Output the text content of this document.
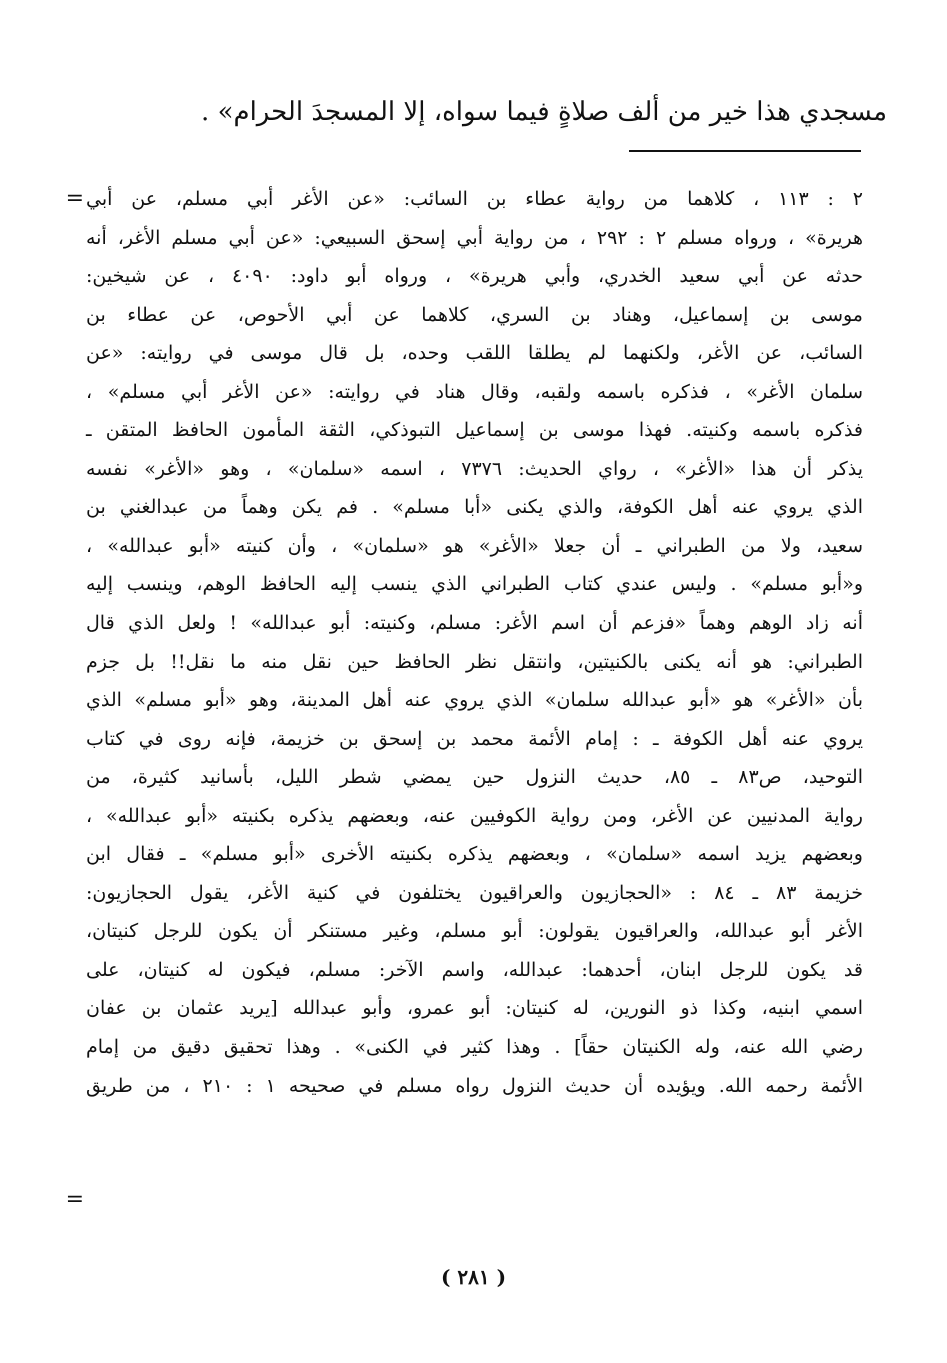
مسجدي هذا خير من ألف صلاةٍ فيما سواه، إلا المسجدَ الحرام» .
= ٢ : ١١٣ ، كلاهما من رواية عطاء بن السائب: «عن الأغر أبي مسلم، عن أبي
هريرة» ، ورواه مسلم ٢ : ٢٩٢ ، من رواية أبي إسحق السبيعي: «عن أبي مسلم الأغر، أنه
حدثه عن أبي سعيد الخدري، وأبي هريرة» ، ورواه أبو داود: ٤٠٩٠ ، عن شيخين:
موسى بن إسماعيل، وهناد بن السري، كلاهما عن أبي الأحوص، عن عطاء بن
السائب، عن الأغر، ولكنهما لم يطلقا اللقب وحده، بل قال موسى في روايته: «عن
سلمان الأغر» ، فذكره باسمه ولقبه، وقال هناد في روايته: «عن الأغر أبي مسلم» ،
فذكره باسمه وكنيته. فهذا موسى بن إسماعيل التبوذكي، الثقة المأمون الحافظ المتقن ـ
يذكر أن هذا «الأغر» ، رواي الحديث: ٧٣٧٦ ، اسمه «سلمان» ، وهو «الأغر» نفسه
الذي يروي عنه أهل الكوفة، والذي يكنى «أبا مسلم» . فم يكن وهماً من عبدالغني بن
سعيد، ولا من الطبراني ـ أن جعلا «الأغر» هو «سلمان» ، وأن كنيته «أبو عبدالله» ،
و«أبو مسلم» . وليس عندي كتاب الطبراني الذي ينسب إليه الحافظ الوهم، وينسب إليه
أنه زاد الوهم وهماً «فزعم أن اسم الأغر: مسلم، وكنيته: أبو عبدالله» ! ولعل الذي قال
الطبراني: هو أنه يكنى بالكنيتين، وانتقل نظر الحافظ حين نقل منه ما نقل!! بل جزم
بأن «الأغر» هو «أبو عبدالله سلمان» الذي يروي عنه أهل المدينة، وهو «أبو مسلم» الذي
يروي عنه أهل الكوفة ـ : إمام الأئمة محمد بن إسحق بن خزيمة، فإنه روى في كتاب
التوحيد، ص٨٣ ـ ٨٥، حديث النزول حين يمضي شطر الليل، بأسانيد كثيرة، من
رواية المدنيين عن الأغر، ومن رواية الكوفيين عنه، وبعضهم يذكره بكنيته «أبو عبدالله» ،
وبعضهم يزيد اسمه «سلمان» ، وبعضهم يذكره بكنيته الأخرى «أبو مسلم» ـ فقال ابن
خزيمة ٨٣ ـ ٨٤ : «الحجازيون والعراقيون يختلفون في كنية الأغر، يقول الحجازيون:
الأغر أبو عبدالله، والعراقيون يقولون: أبو مسلم، وغير مستنكر أن يكون للرجل كنيتان،
قد يكون للرجل ابنان، أحدهما: عبدالله، واسم الآخر: مسلم، فيكون له كنيتان، على
اسمي ابنيه، وكذا ذو النورين، له كنيتان: أبو عمرو، وأبو عبدالله [يريد عثمان بن عفان
رضي الله عنه، وله الكنيتان حقاً] . وهذا كثير في الكنى» . وهذا تحقيق دقيق من إمام
الأئمة رحمه الله. ويؤيده أن حديث النزول رواه مسلم في صحيحه ١ : ٢١٠ ، من طريق
=
( ٢٨١ )
